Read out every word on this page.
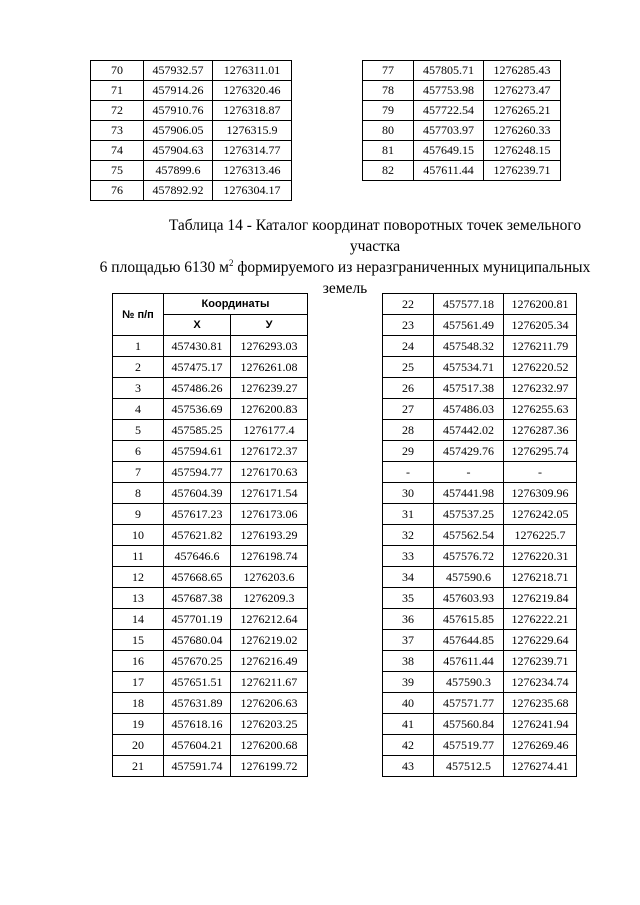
70	457932.57	1276311.01
71	457914.26	1276320.46
72	457910.76	1276318.87
73	457906.05	1276315.9
74	457904.63	1276314.77
75	457899.6	1276313.46
76	457892.92	1276304.17
77	457805.71	1276285.43
78	457753.98	1276273.47
79	457722.54	1276265.21
80	457703.97	1276260.33
81	457649.15	1276248.15
82	457611.44	1276239.71
Таблица 14 - Каталог координат поворотных точек земельного участка
6 площадью 6130 $м^2$ формируемого из неразграниченных муниципальных
земель
№ п/п	Координаты	
	Х	У
1	457430.81	1276293.03
2	457475.17	1276261.08
3	457486.26	1276239.27
4	457536.69	1276200.83
5	457585.25	1276177.4
6	457594.61	1276172.37
7	457594.77	1276170.63
8	457604.39	1276171.54
9	457617.23	1276173.06
10	457621.82	1276193.29
11	457646.6	1276198.74
12	457668.65	1276203.6
13	457687.38	1276209.3
14	457701.19	1276212.64
15	457680.04	1276219.02
16	457670.25	1276216.49
17	457651.51	1276211.67
18	457631.89	1276206.63
19	457618.16	1276203.25
20	457604.21	1276200.68
21	457591.74	1276199.72
22	457577.18	1276200.81
23	457561.49	1276205.34
24	457548.32	1276211.79
25	457534.71	1276220.52
26	457517.38	1276232.97
27	457486.03	1276255.63
28	457442.02	1276287.36
29	457429.76	1276295.74
-	-	-
30	457441.98	1276309.96
31	457537.25	1276242.05
32	457562.54	1276225.7
33	457576.72	1276220.31
34	457590.6	1276218.71
35	457603.93	1276219.84
36	457615.85	1276222.21
37	457644.85	1276229.64
38	457611.44	1276239.71
39	457590.3	1276234.74
40	457571.77	1276235.68
41	457560.84	1276241.94
42	457519.77	1276269.46
43	457512.5	1276274.41
